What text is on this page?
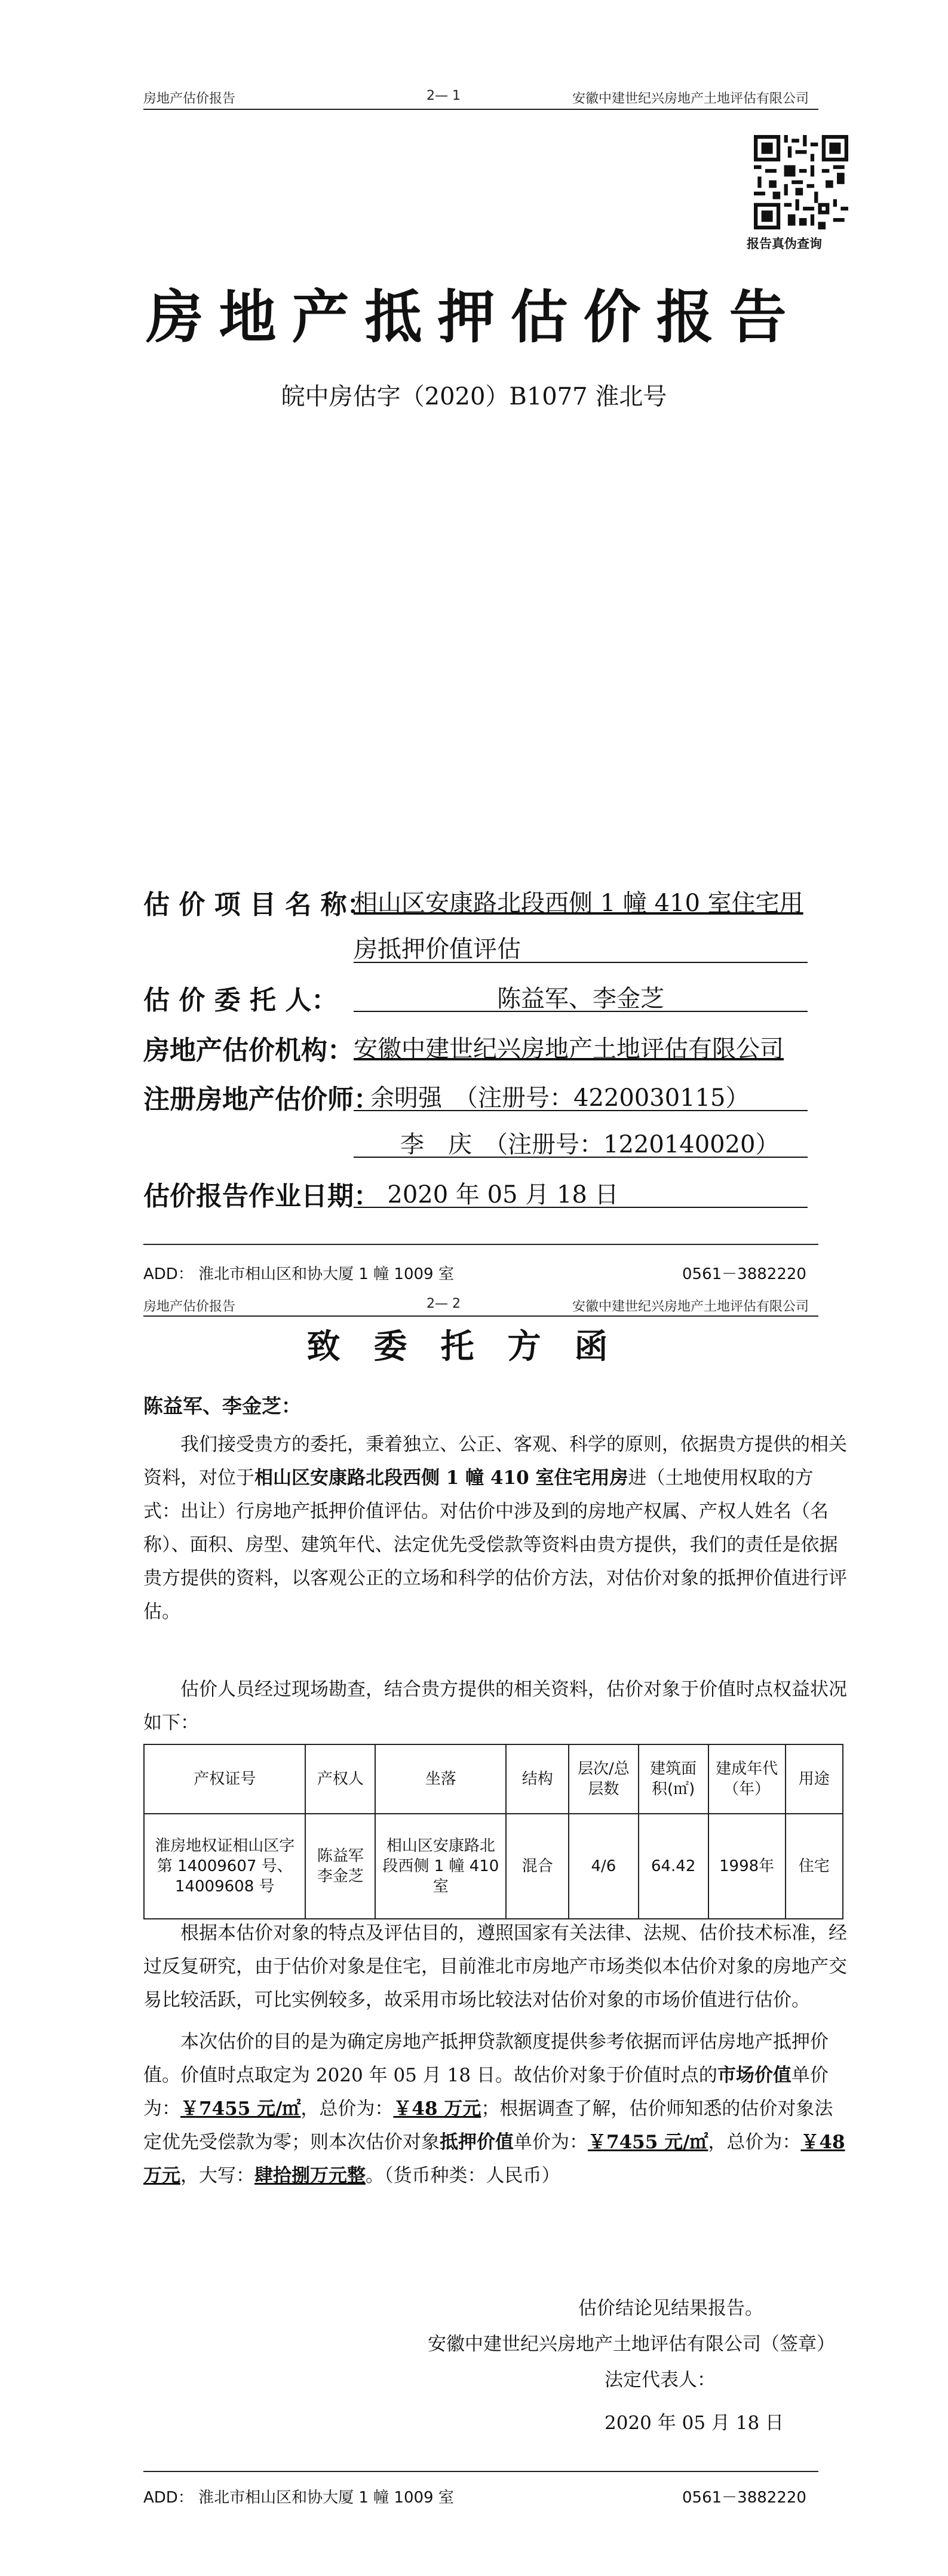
房地产估价报告	2— 1	安徽中建世纪兴房地产土地评估有限公司
报告真伪查询
房地产抵押估价报告
皖中房估字（2020）B1077 淮北号
估 价 项 目 名 称：
相山区安康路北段西侧 1 幢 410 室住宅用
房抵押价值评估
估 价 委 托 人：	陈益军、李金芝
房地产估价机构： 安徽中建世纪兴房地产土地评估有限公司
注册房地产估价师：
余明强　（注册号：4220030115）
李　庆　（注册号：1220140020）
估价报告作业日期： 2020 年 05 月 18 日
ADD： 淮北市相山区和协大厦 1 幢 1009 室	0561－3882220
房地产估价报告	2— 2	安徽中建世纪兴房地产土地评估有限公司
致委托方函
陈益军、李金芝：
我们接受贵方的委托，秉着独立、公正、客观、科学的原则，依据贵方提供的相关资料，对位于相山区安康路北段西侧 1 幢 410 室住宅用房进（土地使用权取的方式：出让）行房地产抵押价值评估。对估价中涉及到的房地产权属、产权人姓名（名称）、面积、房型、建筑年代、法定优先受偿款等资料由贵方提供，我们的责任是依据贵方提供的资料，以客观公正的立场和科学的估价方法，对估价对象的抵押价值进行评估。
估价人员经过现场勘查，结合贵方提供的相关资料，估价对象于价值时点权益状况如下：
产权证号	产权人	坐落	结构	层次/总层数	建筑面积(㎡)	建成年代（年）	用途
淮房地权证相山区字第 14009607 号、14009608 号	陈益军李金芝	相山区安康路北段西侧 1 幢 410 室	混合	4/6	64.42	1998年	住宅
根据本估价对象的特点及评估目的，遵照国家有关法律、法规、估价技术标准，经过反复研究，由于估价对象是住宅，目前淮北市房地产市场类似本估价对象的房地产交易比较活跃，可比实例较多，故采用市场比较法对估价对象的市场价值进行估价。
本次估价的目的是为确定房地产抵押贷款额度提供参考依据而评估房地产抵押价值。价值时点取定为 2020 年 05 月 18 日。故估价对象于价值时点的市场价值单价为：￥7455 元/㎡，总价为：￥48 万元；根据调查了解，估价师知悉的估价对象法定优先受偿款为零；则本次估价对象抵押价值单价为：￥7455 元/㎡，总价为：￥48 万元，大写：肆拾捌万元整。（货币种类：人民币）
估价结论见结果报告。
安徽中建世纪兴房地产土地评估有限公司（签章）
法定代表人：
2020 年 05 月 18 日
ADD： 淮北市相山区和协大厦 1 幢 1009 室	0561－3882220
